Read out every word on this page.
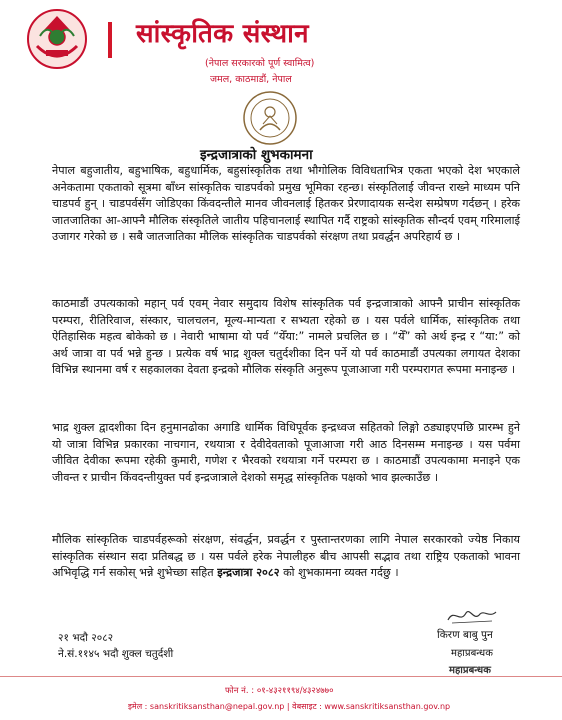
सांस्कृतिक संस्थान
(नेपाल सरकारको पूर्ण स्वामित्व)
जमल, काठमाडौं, नेपाल
इन्द्रजात्राको शुभकामना

नेपाल बहुजातीय, बहुभाषिक, बहुधार्मिक, बहुसांस्कृतिक तथा भौगोलिक विविधताभित्र एकता भएको देश भएकाले अनेकतामा एकताको सूत्रमा बाँध्न सांस्कृतिक चाडपर्वको प्रमुख भूमिका रहन्छ। संस्कृतिलाई जीवन्त राख्ने माध्यम पनि चाडपर्व हुन् । चाडपर्वसँग जोडिएका किंवदन्तीले मानव जीवनलाई हितकर प्रेरणादायक सन्देश सम्प्रेषण गर्दछन् । हरेक जातजातिका आ-आफ्नै मौलिक संस्कृतिले जातीय पहिचानलाई स्थापित गर्दै राष्ट्रको सांस्कृतिक सौन्दर्य एवम् गरिमालाई उजागर गरेको छ । सबै जातजातिका मौलिक सांस्कृतिक चाडपर्वको संरक्षण तथा प्रवर्द्धन अपरिहार्य छ ।

काठमाडौं उपत्यकाको महान् पर्व एवम् नेवार समुदाय विशेष सांस्कृतिक पर्व इन्द्रजात्राको आफ्नै प्राचीन सांस्कृतिक परम्परा, रीतिरिवाज, संस्कार, चालचलन, मूल्य-मान्यता र सभ्यता रहेको छ । यस पर्वले धार्मिक, सांस्कृतिक तथा ऐतिहासिक महत्व बोकेको छ । नेवारी भाषामा यो पर्व “येँया:” नामले प्रचलित छ । “येँ” को अर्थ इन्द्र र “या:” को अर्थ जात्रा वा पर्व भन्ने हुन्छ । प्रत्येक वर्ष भाद्र शुक्ल चतुर्दशीका दिन पर्ने यो पर्व काठमाडौं उपत्यका लगायत देशका विभिन्न स्थानमा वर्ष र सहकालका देवता इन्द्रको मौलिक संस्कृति अनुरूप पूजाआजा गरी परम्परागत रूपमा मनाइन्छ ।

भाद्र शुक्ल द्वादशीका दिन हनुमानढोका अगाडि धार्मिक विधिपूर्वक इन्द्रध्वज सहितको लिङ्गो ठड्याइएपछि प्रारम्भ हुने यो जात्रा विभिन्न प्रकारका नाचगान, रथयात्रा र देवीदेवताको पूजाआजा गरी आठ दिनसम्म मनाइन्छ । यस पर्वमा जीवित देवीका रूपमा रहेकी कुमारी, गणेश र भैरवको रथयात्रा गर्ने परम्परा छ । काठमाडौं उपत्यकामा मनाइने एक जीवन्त र प्राचीन किंवदन्तीयुक्त पर्व इन्द्रजात्राले देशको समृद्ध सांस्कृतिक पक्षको भाव झल्काउँछ ।

मौलिक सांस्कृतिक चाडपर्वहरूको संरक्षण, संवर्द्धन, प्रवर्द्धन र पुस्तान्तरणका लागि नेपाल सरकारको ज्येष्ठ निकाय सांस्कृतिक संस्थान सदा प्रतिबद्ध छ । यस पर्वले हरेक नेपालीहरु बीच आपसी सद्भाव तथा राष्ट्रिय एकताको भावना अभिवृद्धि गर्न सकोस् भन्ने शुभेच्छा सहित इन्द्रजात्रा २०८२ को शुभकामना व्यक्त गर्दछु ।

२१ भदौ २०८२
ने.सं.११४५ भदौ शुक्ल चतुर्दशी
किरण बाबु पुन
महाप्रबन्धक
महाप्रबन्धक
फोन नं. : ०१-४३२११९४/४३२४७७०
इमेल : sanskritiksansthan@nepal.gov.np | वेबसाइट : www.sanskritiksansthan.gov.np
